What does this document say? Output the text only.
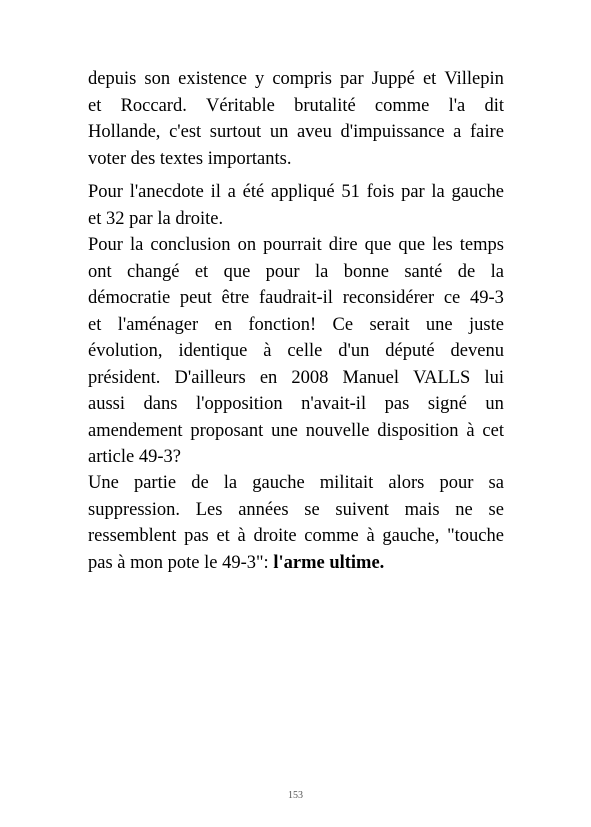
depuis son existence y compris par Juppé et Villepin
et Roccard. Véritable brutalité comme l'a dit
Hollande, c'est surtout un aveu d'impuissance a faire
voter des textes importants.
Pour l'anecdote il a été appliqué 51 fois par la gauche
et 32 par la droite.
Pour la conclusion on pourrait dire que que les temps
ont changé et que pour la bonne santé de la
démocratie peut être faudrait-il reconsidérer ce 49-3
et l'aménager en fonction! Ce serait une juste
évolution, identique à celle d'un député devenu
président. D'ailleurs en 2008 Manuel VALLS lui
aussi dans l'opposition n'avait-il pas signé un
amendement proposant une nouvelle disposition à cet
article 49-3?
Une partie de la gauche militait alors pour sa
suppression. Les années se suivent mais ne se
ressemblent pas et à droite comme à gauche, "touche
pas à mon pote le 49-3": l'arme ultime.
153
